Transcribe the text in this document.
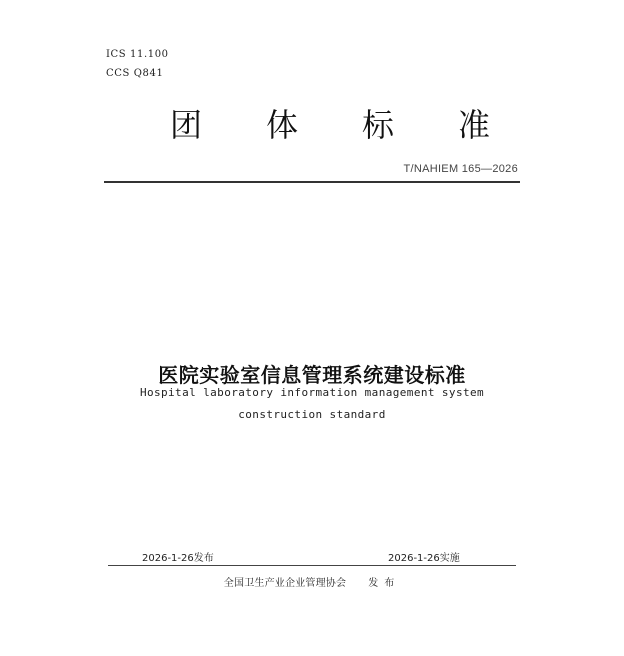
ICS 11.100
CCS Q841
团 体 标 准
T/NAHIEM 165—2026
医院实验室信息管理系统建设标准
Hospital laboratory information management system
construction standard
2026-1-26发布	2026-1-26实施
全国卫生产业企业管理协会 发布
